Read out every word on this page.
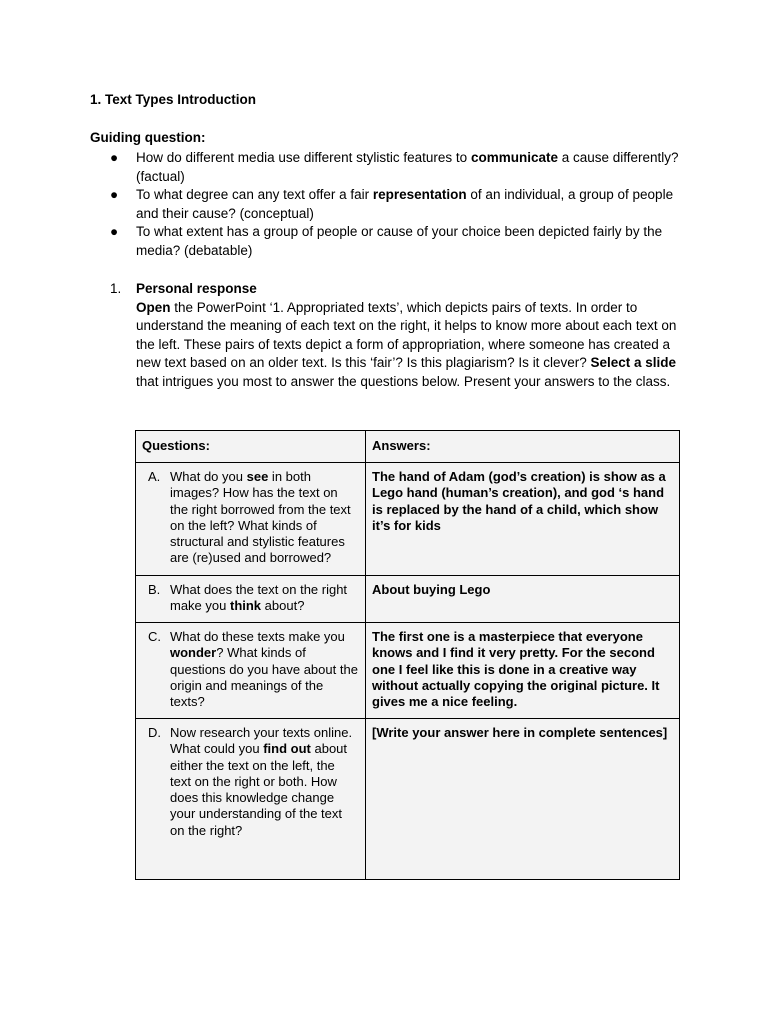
1. Text Types Introduction
Guiding question:
● How do different media use different stylistic features to communicate a cause differently? (factual)
● To what degree can any text offer a fair representation of an individual, a group of people and their cause? (conceptual)
● To what extent has a group of people or cause of your choice been depicted fairly by the media? (debatable)
1. Personal response
Open the PowerPoint ‘1. Appropriated texts’, which depicts pairs of texts. In order to understand the meaning of each text on the right, it helps to know more about each text on the left. These pairs of texts depict a form of appropriation, where someone has created a new text based on an older text. Is this ‘fair’? Is this plagiarism? Is it clever? Select a slide that intrigues you most to answer the questions below. Present your answers to the class.
Questions:	Answers:

A. What do you see in both images? How has the text on the right borrowed from the text on the left? What kinds of structural and stylistic features are (re)used and borrowed?	The hand of Adam (god’s creation) is show as a Lego hand (human’s creation), and god ‘s hand is replaced by the hand of a child, which show it’s for kids

B. What does the text on the right make you think about?	About buying Lego

C. What do these texts make you wonder? What kinds of questions do you have about the origin and meanings of the texts?	The first one is a masterpiece that everyone knows and I find it very pretty. For the second one I feel like this is done in a creative way without actually copying the original picture. It gives me a nice feeling.

D. Now research your texts online. What could you find out about either the text on the left, the text on the right or both. How does this knowledge change your understanding of the text on the right?	[Write your answer here in complete sentences]
